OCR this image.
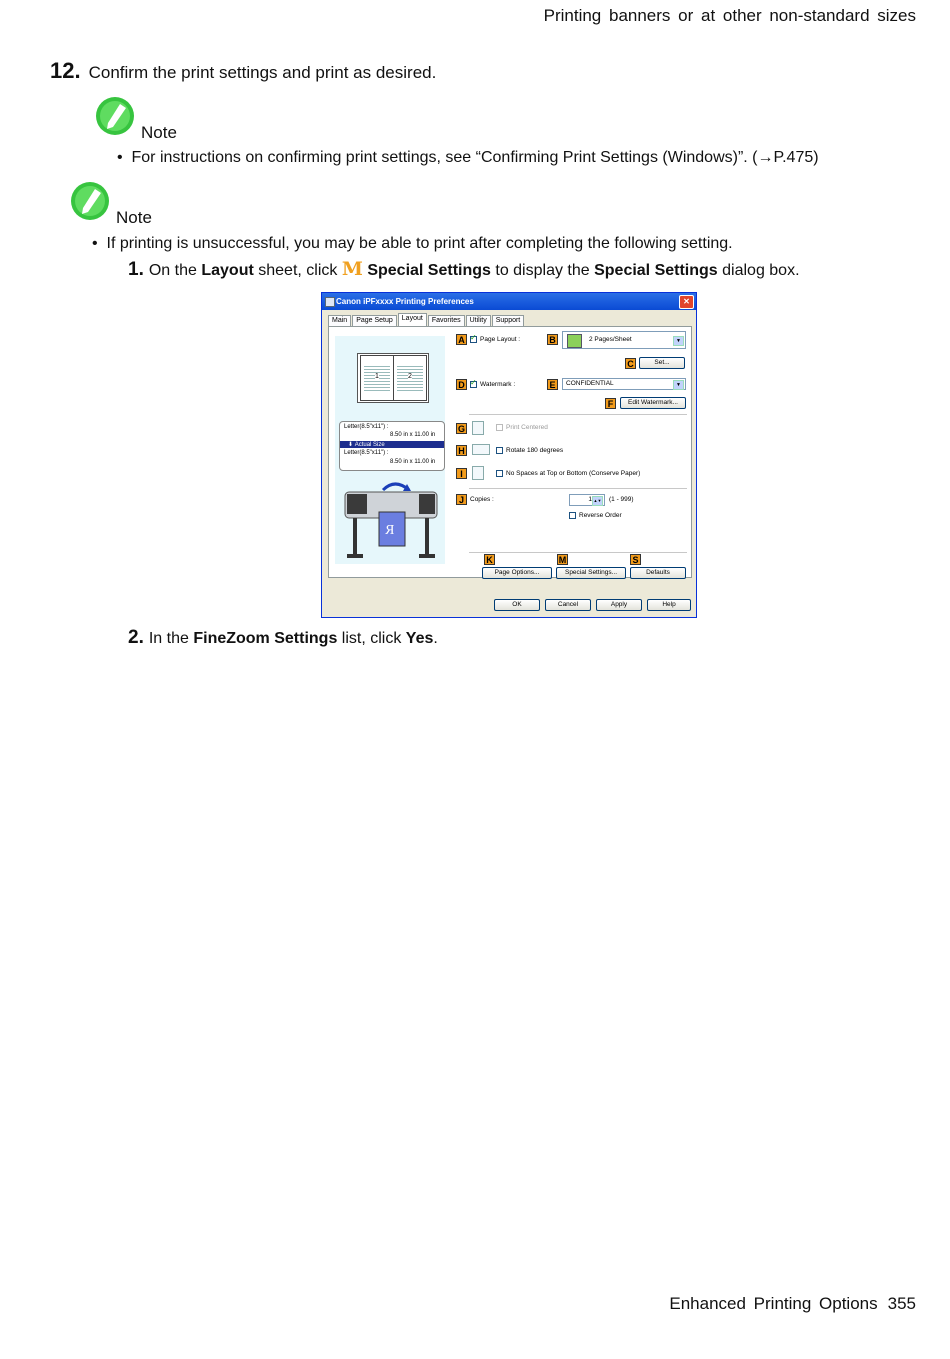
Printing banners or at other non-standard sizes
12. Confirm the print settings and print as desired.
Note
•  For instructions on confirming print settings, see “Confirming Print Settings (Windows)”. (→P.475)
Note
•  If printing is unsuccessful, you may be able to print after completing the following setting.
1. On the Layout sheet, click M Special Settings to display the Special Settings dialog box.
Canon iPFxxxx Printing Preferences	✕
Main	Page Setup	Layout	Favorites	Utility	Support
1	2
Letter(8.5"x11") :
8.50 in x 11.00 in
⬇ Actual Size
Letter(8.5"x11") :
8.50 in x 11.00 in
R
A ✓	Page Layout :	B	2 Pages/Sheet	▼
C	Set...
D ✓	Watermark :	E	CONFIDENTIAL	▼
F	Edit Watermark...
G	Print Centered
H	Rotate 180 degrees
I	No Spaces at Top or Bottom (Conserve Paper)
J Copies :	1 ▲▼ (1 - 999)
Reverse Order
K	M	S
Page Options...	Special Settings...	Defaults
OK	Cancel	Apply	Help
2. In the FineZoom Settings list, click Yes.
Enhanced Printing Options 355
